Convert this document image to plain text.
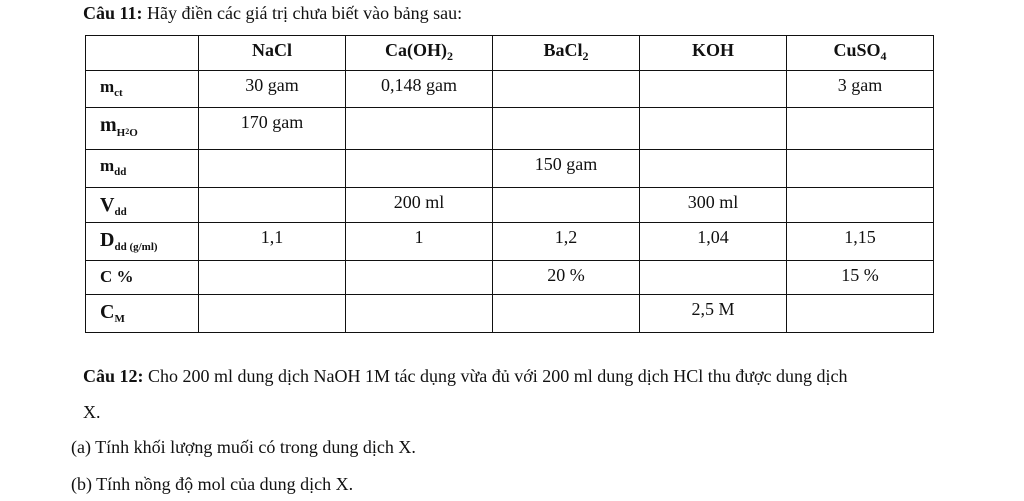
Câu 11: Hãy điền các giá trị chưa biết vào bảng sau:
	NaCl	$Ca(OH)_2$	BaCl$_2$	KOH	CuSO$_4$
$m_{ct}$	30 gam	0,148 gam			3 gam
$m_H2_O$	170 gam				
$m_{dd}$			150 gam		
$V_{dd}$		200 ml		300 ml	
$D_{dd (g/ml)}$	1,1	1	1,2	1,04	1,15
C %			20 %		15 %
$C_M$				2,5 M	
Câu 12: Cho 200 ml dung dịch NaOH 1M tác dụng vừa đủ với 200 ml dung dịch HCl thu được dung dịch
X.
(a) Tính khối lượng muối có trong dung dịch X.
(b) Tính nồng độ mol của dung dịch X.
